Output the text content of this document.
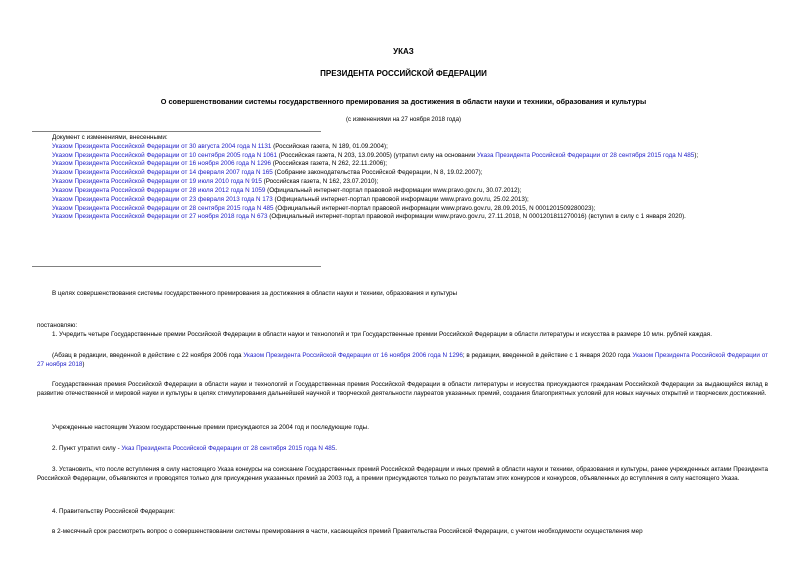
УКАЗ
ПРЕЗИДЕНТА РОССИЙСКОЙ ФЕДЕРАЦИИ
О совершенствовании системы государственного премирования за достижения в области науки и техники, образования и культуры
(с изменениями на 27 ноября 2018 года)

Документ с изменениями, внесенными:

Указом Президента Российской Федерации от 30 августа 2004 года N 1131 (Российская газета, N 189, 01.09.2004);

Указом Президента Российской Федерации от 10 сентября 2005 года N 1061 (Российская газета, N 203, 13.09.2005) (утратил силу на основании Указа Президента Российской Федерации от 28 сентября 2015 года N 485);

Указом Президента Российской Федерации от 16 ноября 2006 года N 1296 (Российская газета, N 262, 22.11.2006);

Указом Президента Российской Федерации от 14 февраля 2007 года N 165 (Собрание законодательства Российской Федерации, N 8, 19.02.2007);

Указом Президента Российской Федерации от 19 июля 2010 года N 915 (Российская газета, N 162, 23.07.2010);

Указом Президента Российской Федерации от 28 июля 2012 года N 1059 (Официальный интернет-портал правовой информации www.pravo.gov.ru, 30.07.2012);

Указом Президента Российской Федерации от 23 февраля 2013 года N 173 (Официальный интернет-портал правовой информации www.pravo.gov.ru, 25.02.2013);

Указом Президента Российской Федерации от 28 сентября 2015 года N 485 (Официальный интернет-портал правовой информации www.pravo.gov.ru, 28.09.2015, N 0001201509280023);

Указом Президента Российской Федерации от 27 ноября 2018 года N 673 (Официальный интернет-портал правовой информации www.pravo.gov.ru, 27.11.2018, N 0001201811270016) (вступил в силу с 1 января 2020).

В целях совершенствования системы государственного премирования за достижения в области науки и техники, образования и культуры
постановляю:
1. Учредить четыре Государственные премии Российской Федерации в области науки и технологий и три Государственные премии Российской Федерации в области литературы и искусства в размере 10 млн. рублей каждая.
(Абзац в редакции, введенной в действие с 22 ноября 2006 года Указом Президента Российской Федерации от 16 ноября 2006 года N 1296; в редакции, введенной в действие с 1 января 2020 года Указом Президента Российской Федерации от 27 ноября 2018)
Государственная премия Российской Федерации в области науки и технологий и Государственная премия Российской Федерации в области литературы и искусства присуждаются гражданам Российской Федерации за выдающийся вклад в развитие отечественной и мировой науки и культуры в целях стимулирования дальнейшей научной и творческой деятельности лауреатов указанных премий, создания благоприятных условий для новых научных открытий и творческих достижений.
Учрежденные настоящим Указом государственные премии присуждаются за 2004 год и последующие годы.
2. Пункт утратил силу - Указ Президента Российской Федерации от 28 сентября 2015 года N 485.
3. Установить, что после вступления в силу настоящего Указа конкурсы на соискание Государственных премий Российской Федерации и иных премий в области науки и техники, образования и культуры, ранее учрежденных актами Президента Российской Федерации, объявляются и проводятся только для присуждения указанных премий за 2003 год, а премии присуждаются только по результатам этих конкурсов и конкурсов, объявленных до вступления в силу настоящего Указа.
4. Правительству Российской Федерации:
в 2-месячный срок рассмотреть вопрос о совершенствовании системы премирования в части, касающейся премий Правительства Российской Федерации, с учетом необходимости осуществления мер
